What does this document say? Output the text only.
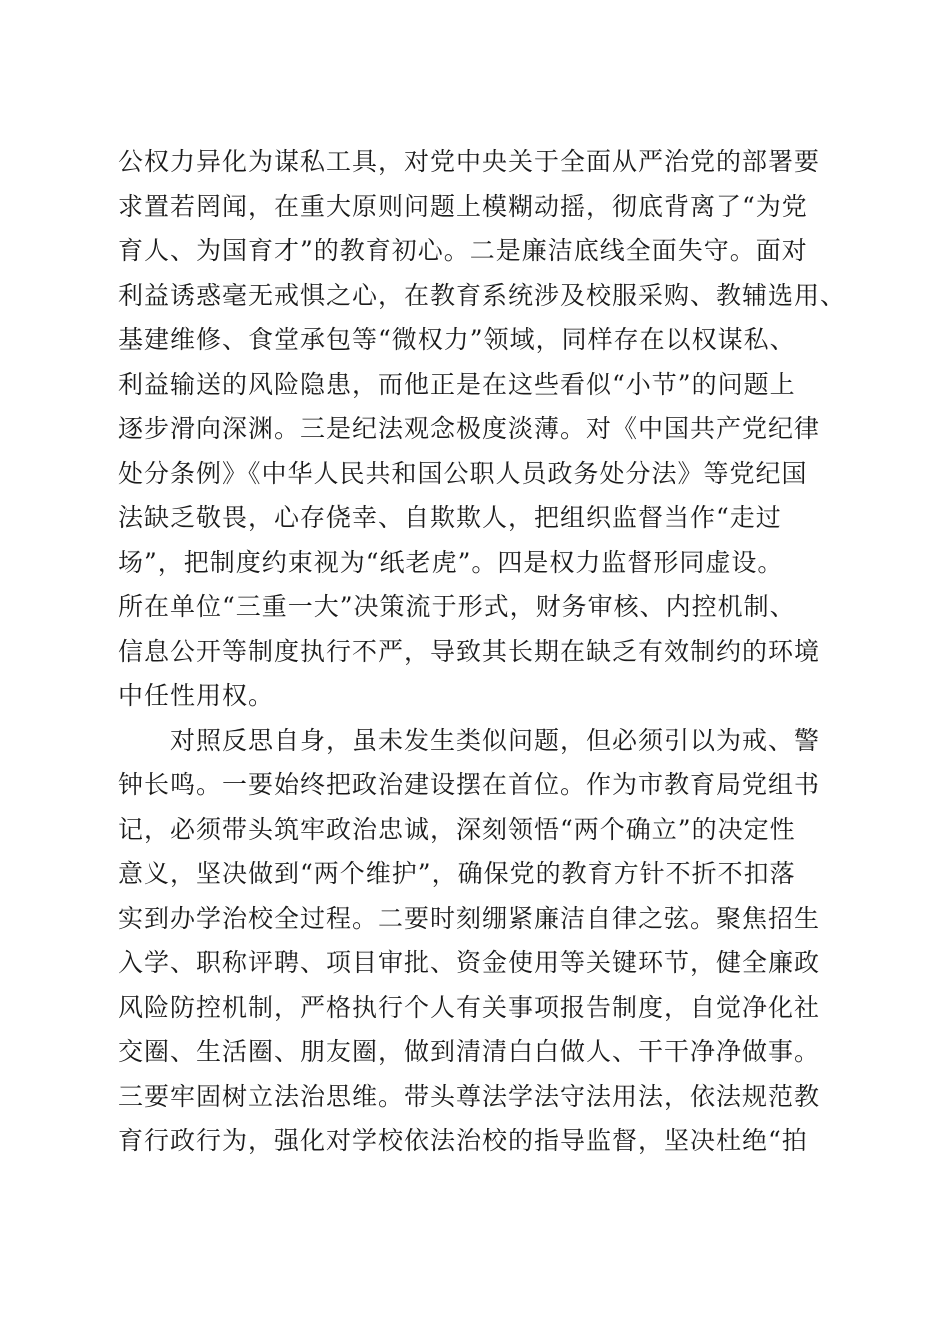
公权力异化为谋私工具，对党中央关于全面从严治党的部署要
求置若罔闻，在重大原则问题上模糊动摇，彻底背离了“为党
育人、为国育才”的教育初心。二是廉洁底线全面失守。面对
利益诱惑毫无戒惧之心，在教育系统涉及校服采购、教辅选用、
基建维修、食堂承包等“微权力”领域，同样存在以权谋私、
利益输送的风险隐患，而他正是在这些看似“小节”的问题上
逐步滑向深渊。三是纪法观念极度淡薄。对《中国共产党纪律
处分条例》《中华人民共和国公职人员政务处分法》等党纪国
法缺乏敬畏，心存侥幸、自欺欺人，把组织监督当作“走过
场”，把制度约束视为“纸老虎”。四是权力监督形同虚设。
所在单位“三重一大”决策流于形式，财务审核、内控机制、
信息公开等制度执行不严，导致其长期在缺乏有效制约的环境
中任性用权。
对照反思自身，虽未发生类似问题，但必须引以为戒、警
钟长鸣。一要始终把政治建设摆在首位。作为市教育局党组书
记，必须带头筑牢政治忠诚，深刻领悟“两个确立”的决定性
意义，坚决做到“两个维护”，确保党的教育方针不折不扣落
实到办学治校全过程。二要时刻绷紧廉洁自律之弦。聚焦招生
入学、职称评聘、项目审批、资金使用等关键环节，健全廉政
风险防控机制，严格执行个人有关事项报告制度，自觉净化社
交圈、生活圈、朋友圈，做到清清白白做人、干干净净做事。
三要牢固树立法治思维。带头尊法学法守法用法，依法规范教
育行政行为，强化对学校依法治校的指导监督，坚决杜绝“拍
